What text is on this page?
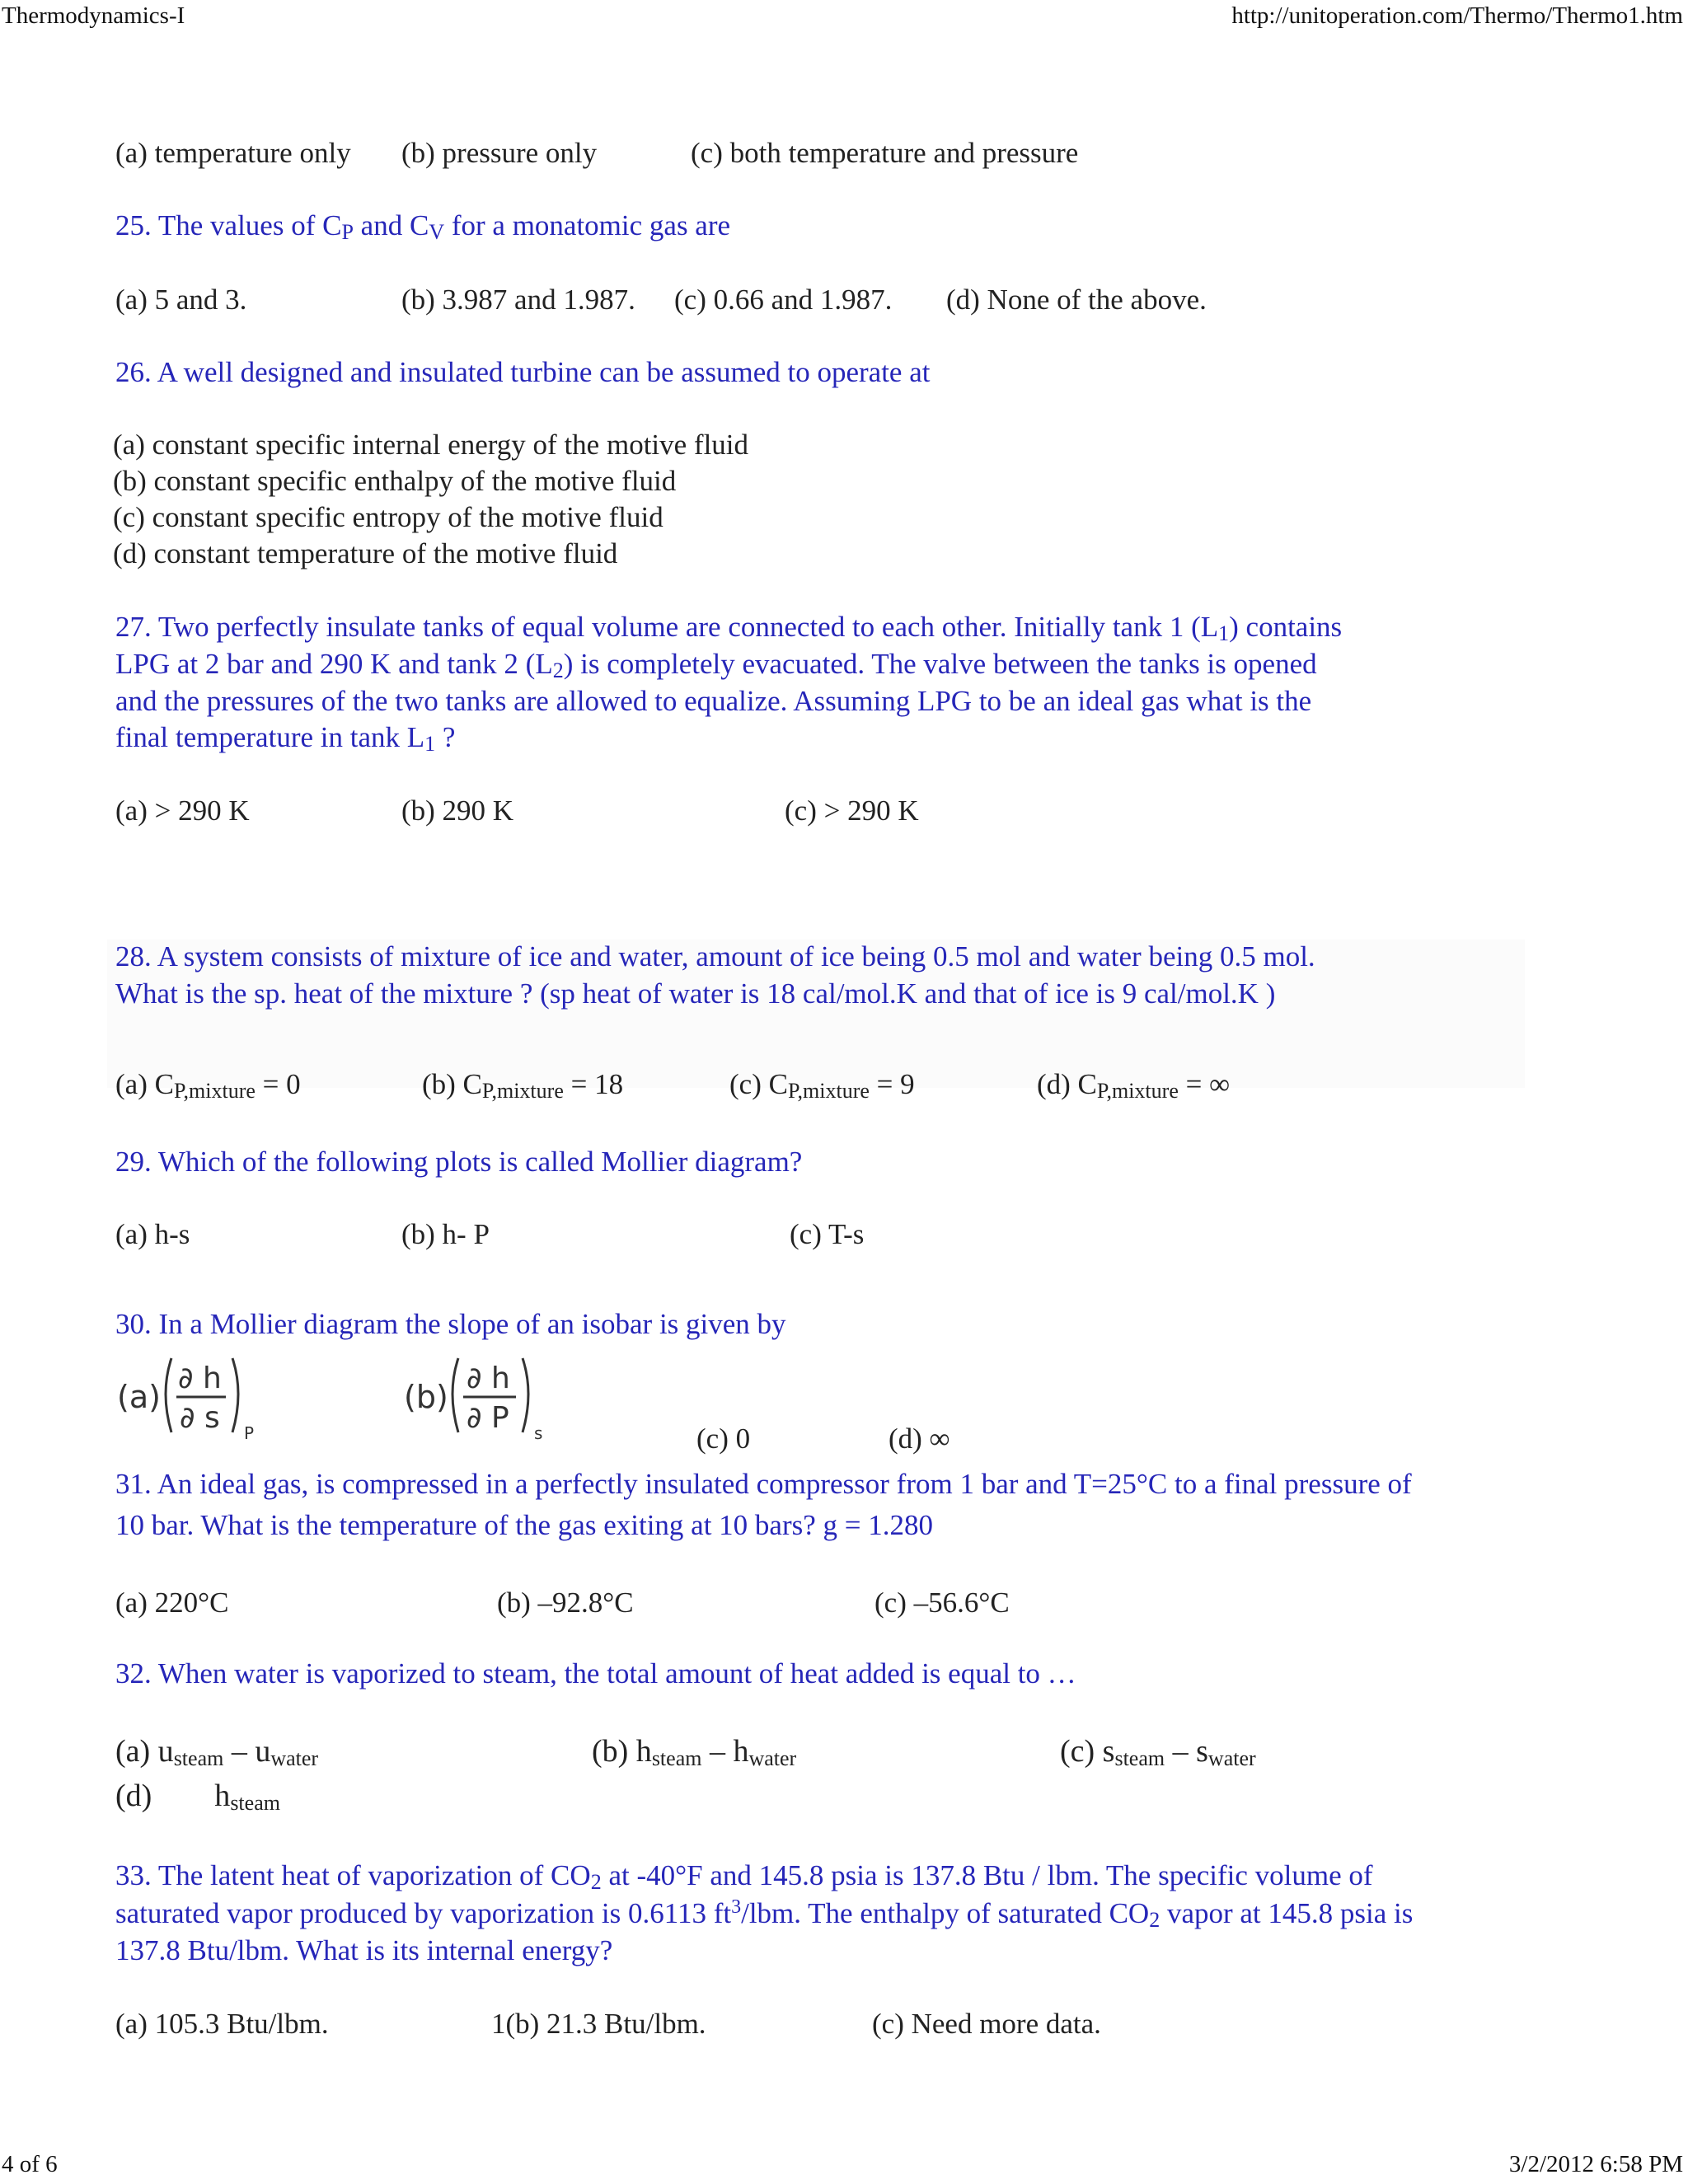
Thermodynamics-I	http://unitoperation.com/Thermo/Thermo1.htm
4 of 6	3/2/2012 6:58 PM
(a) temperature only (b) pressure only	(c) both temperature and pressure
25. The values of CP and $C_V$ for a monatomic gas are
(a) 5 and 3.	(b) 3.987 and 1.987. (c) 0.66 and 1.987. (d) None of the above.
26. A well designed and insulated turbine can be assumed to operate at
(a) constant specific internal energy of the motive fluid
(b) constant specific enthalpy of the motive fluid
(c) constant specific entropy of the motive fluid
(d) constant temperature of the motive fluid
27. Two perfectly insulate tanks of equal volume are connected to each other. Initially tank 1 $(L_1)$ contains
LPG at 2 bar and 290 K and tank 2 $(L_2)$ is completely evacuated. The valve between the tanks is opened
and the pressures of the two tanks are allowed to equalize. Assuming LPG to be an ideal gas what is the
final temperature in tank $L_1$ ?
(a) > 290 K	(b) 290 K	(c) > 290 K
28. A system consists of mixture of ice and water, amount of ice being 0.5 mol and water being 0.5 mol.
What is the sp. heat of the mixture ? (sp heat of water is 18 cal/mol.K and that of ice is 9 cal/mol.K )
(a) $C_{P,mixture} = 0$	(b) $C_{P,mixture} = 18$	(c) $C_{P,mixture} = 9$	(d) $C_{P,mixture}$ = ∞
29. Which of the following plots is called Mollier diagram?
(a) h-s	(b) h- P	(c) T-s
30. In a Mollier diagram the slope of an isobar is given by
(a)
∂ h
∂ s P
(b)
∂ h
∂ P s	(c) 0	(d) ∞
31. An ideal gas, is compressed in a perfectly insulated compressor from 1 bar and T=25°C to a final pressure of
10 bar. What is the temperature of the gas exiting at 10 bars? g = 1.280
(a) 220°C	(b) –92.8°C	(c) –56.6°C
32. When water is vaporized to steam, the total amount of heat added is equal to …
(a) $u_{steam} - u_{water}$	(b) $h_{steam} - h_{water}$	(c) $s_{steam} - s_{water}$
(d)        $h_{steam}$
33. The latent heat of vaporization of $CO_2$ at -40°F and 145.8 psia is 137.8 Btu / lbm. The specific volume of
saturated vapor produced by vaporization is 0.6113 $ft^3$/lbm. The enthalpy of saturated $CO_2$ vapor at 145.8 psia is
137.8 Btu/lbm. What is its internal energy?
(a) 105.3 Btu/lbm.	1(b) 21.3 Btu/lbm.	(c) Need more data.
